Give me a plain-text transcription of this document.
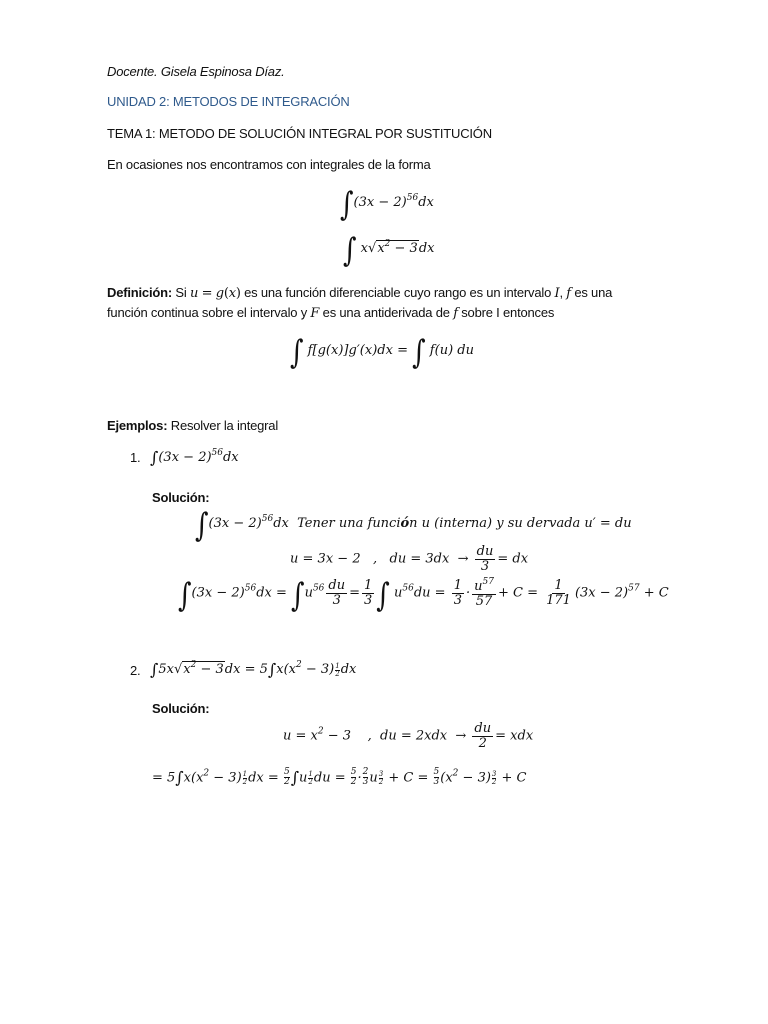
Docente. Gisela Espinosa Díaz.
UNIDAD 2: METODOS DE INTEGRACIÓN
TEMA 1: METODO DE SOLUCIÓN INTEGRAL POR SUSTITUCIÓN
En ocasiones nos encontramos con integrales de la forma
$\int(3x - 2)^{56}dx$
∫ $x√x^2 - 3dx$
Definición: Si u = g(x) es una función diferenciable cuyo rango es un intervalo I, f es una
función continua sobre el intervalo y F es una antiderivada de f sobre I entonces
∫ f[g(x)]g′(x)dx = ∫ f(u) du
Ejemplos: Resolver la integral
1. $\int(3x - 2)^{56}dx$
Solución:
$\int(3x - 2)^{56}dx$  Tener una función u (interna) y su dervada u′ = du
u = 3x − 2 ,   du = $3dx \to \frac{du}{3}$ = dx
$\int(3x - 2)^{56}dx = \int u^{56} \frac{du}{3} = \frac{1}{3}$ ∫ $u^{56}du = \frac{1}{3} \cdot \frac{u^{57}}{57} + C = \frac{1}{171} (3x - 2)^{57} + C$
2. $\int 5x√x^2 - 3dx = 5\int x(x^2 - 3) \frac{1}{2}$ dx
Solución:
$u = x^2 - 3$ ,  du = $2xdx \to \frac{du}{2}$ = xdx
= $5\int x(x^2 - 3) \frac{1}{2}$ dx = $\frac{5}{2} \int u \frac{1}{2}$ du = $\frac{5}{2} \cdot \frac{2}{3}$ u $\frac{3}{2} + C = \frac{5}{3} (x^2 - 3) \frac{3}{2} + C$
